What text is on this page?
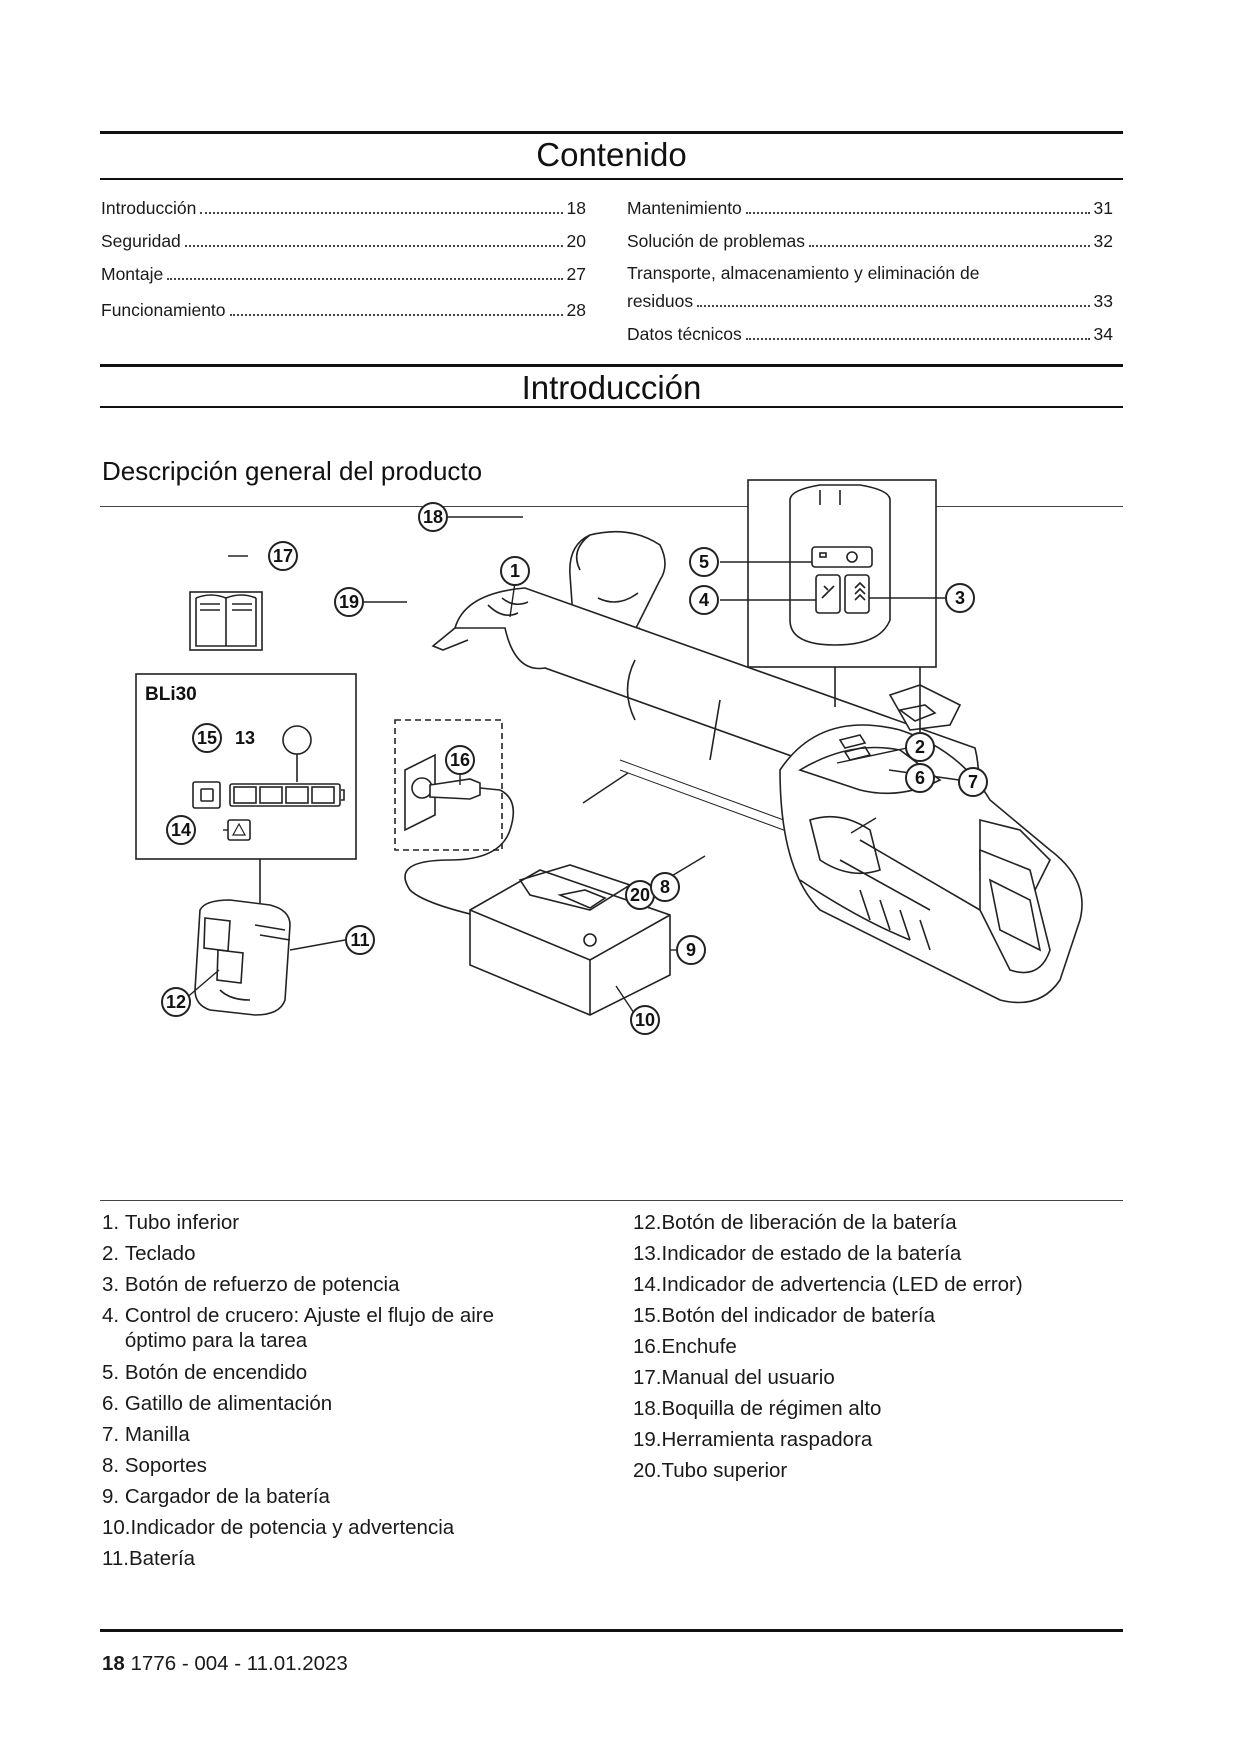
Contenido
Introducción	18
Seguridad	20
Montaje	27
Funcionamiento	28
Mantenimiento	31
Solución de problemas	32
Transporte, almacenamiento y eliminación de
residuos	33
Datos técnicos	34
Introducción
Descripción general del producto
18
17
1
19
5
4	3
2
6 7
20 8
9
10
11
12
16
15
14
13
BLi30
1.
Tubo inferior
2.
Teclado
3.
Botón de refuerzo de potencia
4.
Control de crucero: Ajuste el flujo de aire óptimo para la tarea
5.
Botón de encendido
6.
Gatillo de alimentación
7.
Manilla
8.
Soportes
9.
Cargador de la batería
10. Indicador de potencia y advertencia
11. Batería
12. Botón de liberación de la batería
13. Indicador de estado de la batería
14. Indicador de advertencia (LED de error)
15. Botón del indicador de batería
16. Enchufe
17. Manual del usuario
18. Boquilla de régimen alto
19. Herramienta raspadora
20. Tubo superior
18 1776 - 004 - 11.01.2023
